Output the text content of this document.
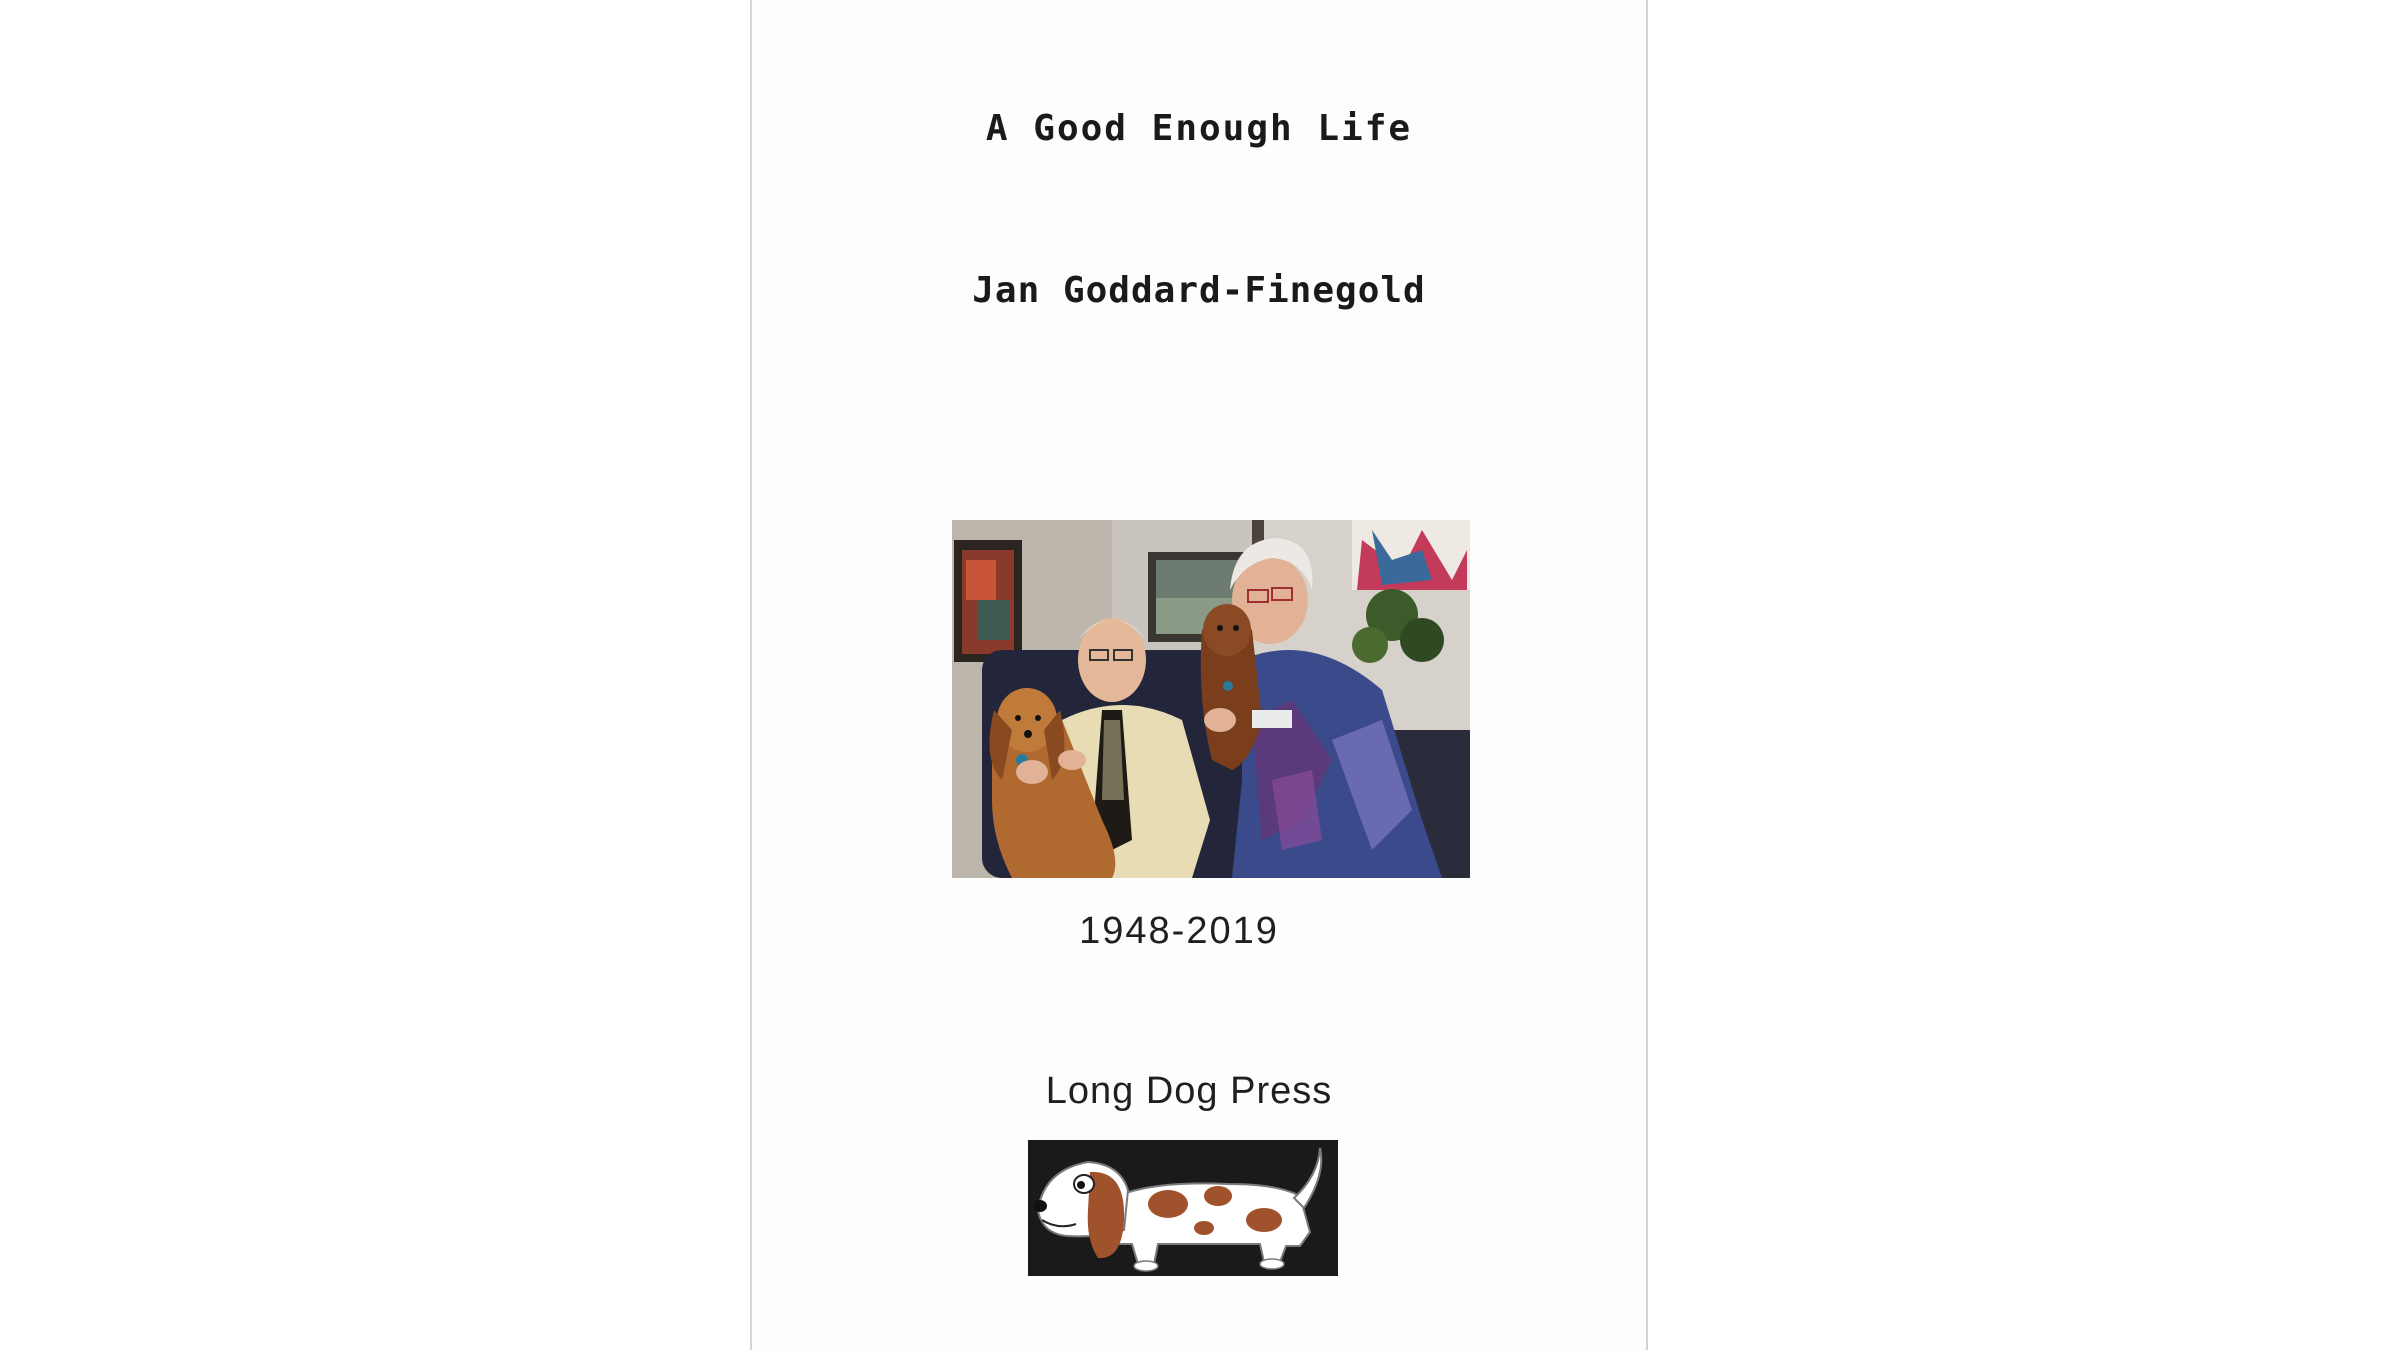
A Good Enough Life
Jan Goddard-Finegold
1948-2019
Long Dog Press
